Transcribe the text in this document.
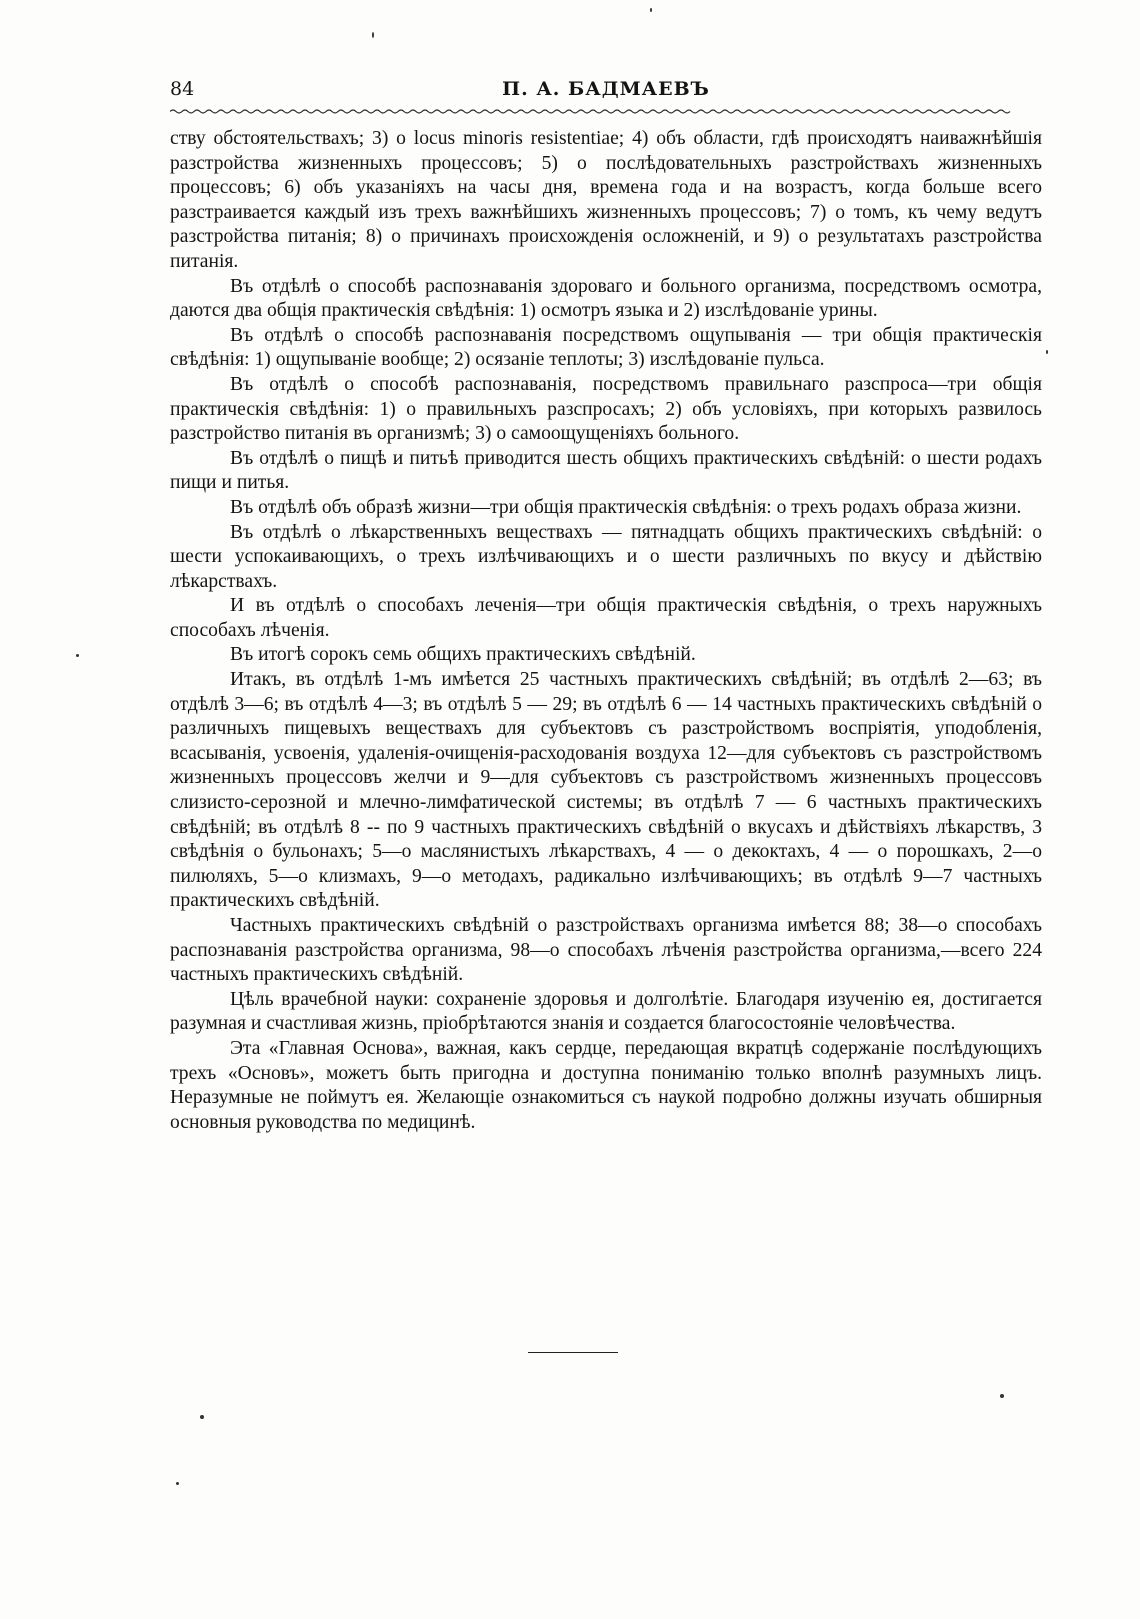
84	П. А. БАДМАЕВЪ

ству обстоятельствахъ; 3) о locus minoris resistentiae; 4) объ области, гдѣ происходятъ наиважнѣйшія разстройства жизненныхъ процессовъ; 5) о послѣдовательныхъ разстройствахъ жизненныхъ процессовъ; 6) объ указаніяхъ на часы дня, времена года и на возрастъ, когда больше всего разстраивается каждый изъ трехъ важнѣйшихъ жизненныхъ процессовъ; 7) о томъ, къ чему ведутъ разстройства питанія; 8) о причинахъ происхожденія осложненій, и 9) о результатахъ разстройства питанія.

Въ отдѣлѣ о способѣ распознаванія здороваго и больного организма, посредствомъ осмотра, даются два общія практическія свѣдѣнія: 1) осмотръ языка и 2) изслѣдованіе урины.

Въ отдѣлѣ о способѣ распознаванія посредствомъ ощупыванія — три общія практическія свѣдѣнія: 1) ощупываніе вообще; 2) осязаніе теплоты; 3) изслѣдованіе пульса.

Въ отдѣлѣ о способѣ распознаванія, посредствомъ правильнаго разспроса—три общія практическія свѣдѣнія: 1) о правильныхъ разспросахъ; 2) объ условіяхъ, при которыхъ развилось разстройство питанія въ организмѣ; 3) о самоощущеніяхъ больного.

Въ отдѣлѣ о пищѣ и питьѣ приводится шесть общихъ практическихъ свѣдѣній: о шести родахъ пищи и питья.

Въ отдѣлѣ объ образѣ жизни—три общія практическія свѣдѣнія: о трехъ родахъ образа жизни.

Въ отдѣлѣ о лѣкарственныхъ веществахъ — пятнадцать общихъ практическихъ свѣдѣній: о шести успокаивающихъ, о трехъ излѣчивающихъ и о шести различныхъ по вкусу и дѣйствію лѣкарствахъ.

И въ отдѣлѣ о способахъ леченія—три общія практическія свѣдѣнія, о трехъ наружныхъ способахъ лѣченія.

Въ итогѣ сорокъ семь общихъ практическихъ свѣдѣній.

Итакъ, въ отдѣлѣ 1-мъ имѣется 25 частныхъ практическихъ свѣдѣній; въ отдѣлѣ 2—63; въ отдѣлѣ 3—6; въ отдѣлѣ 4—3; въ отдѣлѣ 5 — 29; въ отдѣлѣ 6 — 14 частныхъ практическихъ свѣдѣній о различныхъ пищевыхъ веществахъ для субъектовъ съ разстройствомъ воспріятія, уподобленія, всасыванія, усвоенія, удаленія-очищенія-расходованія воздуха 12—для субъектовъ съ разстройствомъ жизненныхъ процессовъ желчи и 9—для субъектовъ съ разстройствомъ жизненныхъ процессовъ слизисто-серозной и млечно-лимфатической системы; въ отдѣлѣ 7 — 6 частныхъ практическихъ свѣдѣній; въ отдѣлѣ 8 -- по 9 частныхъ практическихъ свѣдѣній о вкусахъ и дѣйствіяхъ лѣкарствъ, 3 свѣдѣнія о бульонахъ; 5—о маслянистыхъ лѣкарствахъ, 4 — о декоктахъ, 4 — о порошкахъ, 2—о пилюляхъ, 5—о клизмахъ, 9—о методахъ, радикально излѣчивающихъ; въ отдѣлѣ 9—7 частныхъ практическихъ свѣдѣній.

Частныхъ практическихъ свѣдѣній о разстройствахъ организма имѣется 88; 38—о способахъ распознаванія разстройства организма, 98—о способахъ лѣченія разстройства организма,—всего 224 частныхъ практическихъ свѣдѣній.

Цѣль врачебной науки: сохраненіе здоровья и долголѣтіе. Благодаря изученію ея, достигается разумная и счастливая жизнь, пріобрѣтаются знанія и создается благосостояніе человѣчества.

Эта «Главная Основа», важная, какъ сердце, передающая вкратцѣ содержаніе послѣдующихъ трехъ «Основъ», можетъ быть пригодна и доступна пониманію только вполнѣ разумныхъ лицъ. Неразумные не поймутъ ея. Желающіе ознакомиться съ наукой подробно должны изучать обширныя основныя руководства по медицинѣ.
